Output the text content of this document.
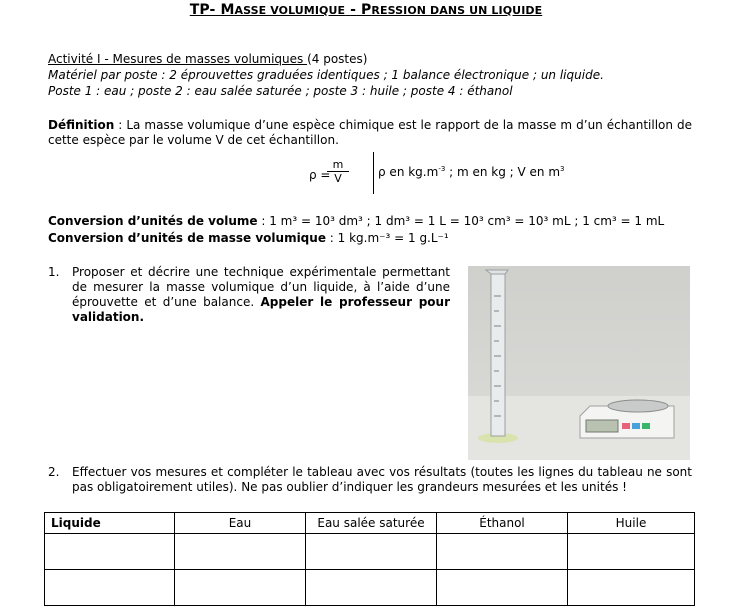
TP- MASSE VOLUMIQUE - PRESSION DANS UN LIQUIDE
Activité I - Mesures de masses volumiques (4 postes)
Matériel par poste : 2 éprouvettes graduées identiques ; 1 balance électronique ; un liquide.
Poste 1 : eau ; poste 2 : eau salée saturée ; poste 3 : huile ; poste 4 : éthanol
Définition : La masse volumique d’une espèce chimique est le rapport de la masse m d’un échantillon de cette espèce par le volume V de cet échantillon.
ρ =
$\frac{m}{V}$ ρ en $kg.m^{-3}$ ; m en kg ; V en $m^3$
Conversion d’unités de volume : 1 m³ = 10³ dm³ ; 1 dm³ = 1 L = 10³ cm³ = 10³ mL ; 1 cm³ = 1 mL
Conversion d’unités de masse volumique : 1 kg.m⁻³ = 1 g.L⁻¹
1. Proposer et décrire une technique expérimentale permettant de mesurer la masse volumique d’un liquide, à l’aide d’une éprouvette et d’une balance. Appeler le professeur pour validation.
2. Effectuer vos mesures et compléter le tableau avec vos résultats (toutes les lignes du tableau ne sont pas obligatoirement utiles). Ne pas oublier d’indiquer les grandeurs mesurées et les unités !
Liquide	Eau	Eau salée saturée	Éthanol	Huile
